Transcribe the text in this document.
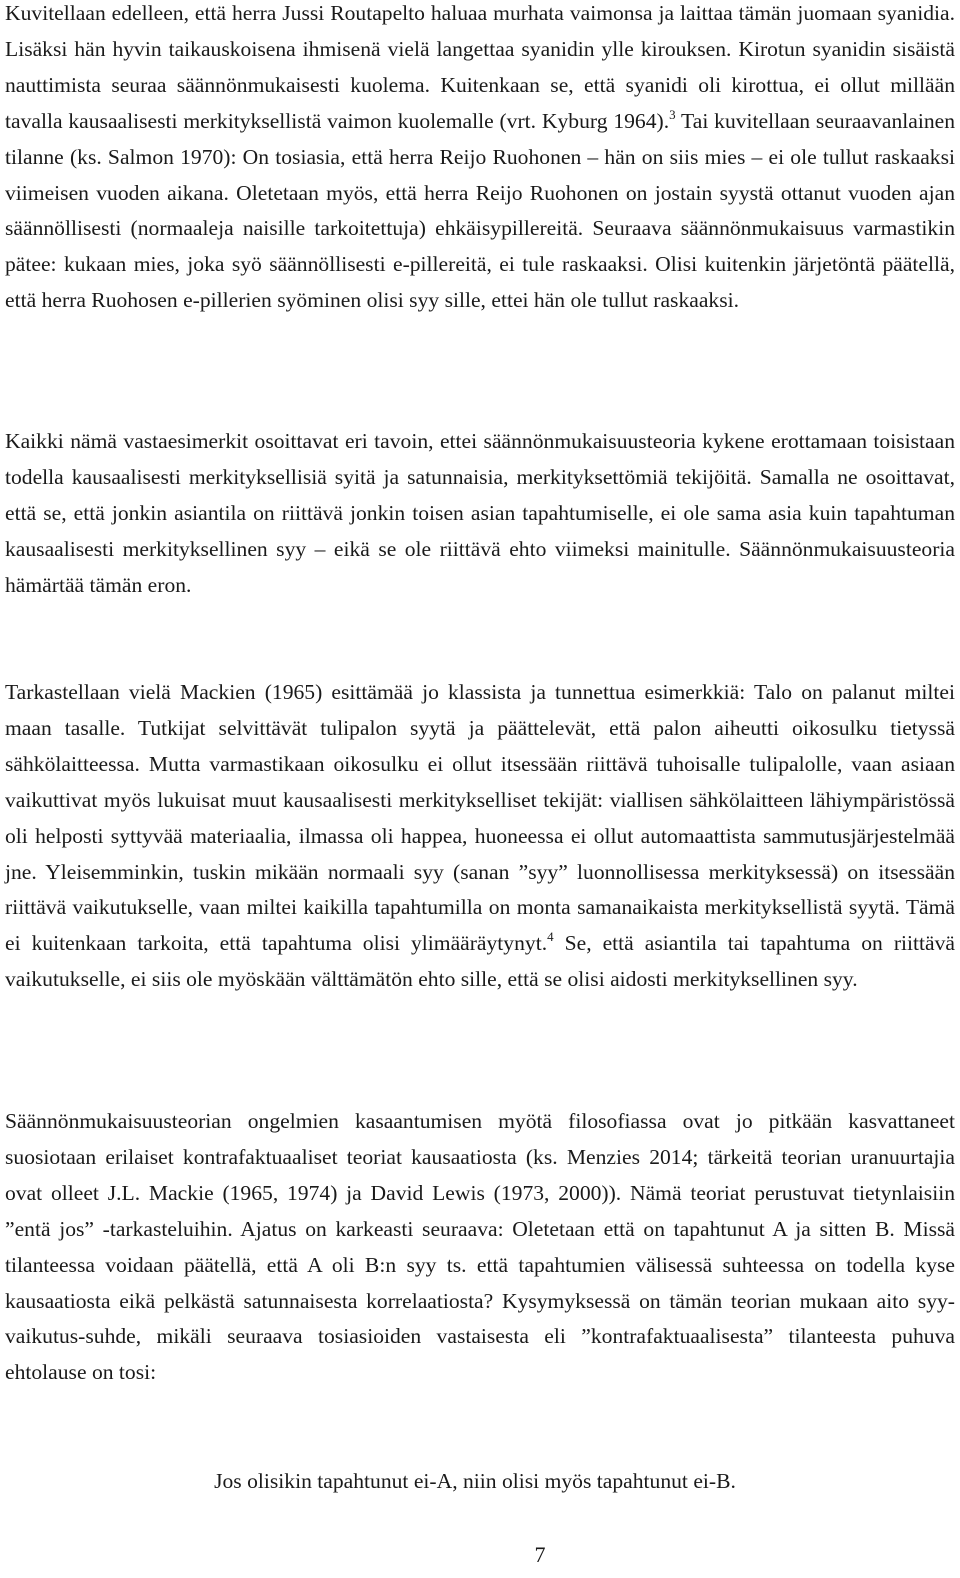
Kuvitellaan edelleen, että herra Jussi Routapelto haluaa murhata vaimonsa ja laittaa tämän juomaan syanidia. Lisäksi hän hyvin taikauskoisena ihmisenä vielä langettaa syanidin ylle kirouksen. Kirotun syanidin sisäistä nauttimista seuraa säännönmukaisesti kuolema. Kuitenkaan se, että syanidi oli kirottua, ei ollut millään tavalla kausaalisesti merkityksellistä vaimon kuolemalle (vrt. Kyburg 1964).$^3$ Tai kuvitellaan seuraavanlainen tilanne (ks. Salmon 1970): On tosiasia, että herra Reijo Ruohonen – hän on siis mies – ei ole tullut raskaaksi viimeisen vuoden aikana. Oletetaan myös, että herra Reijo Ruohonen on jostain syystä ottanut vuoden ajan säännöllisesti (normaaleja naisille tarkoitettuja) ehkäisypillereitä. Seuraava säännönmukaisuus varmastikin pätee: kukaan mies, joka syö säännöllisesti e-pillereitä, ei tule raskaaksi. Olisi kuitenkin järjetöntä päätellä, että herra Ruohosen e-pillerien syöminen olisi syy sille, ettei hän ole tullut raskaaksi.

Kaikki nämä vastaesimerkit osoittavat eri tavoin, ettei säännönmukaisuusteoria kykene erottamaan toisistaan todella kausaalisesti merkityksellisiä syitä ja satunnaisia, merkityksettömiä tekijöitä. Samalla ne osoittavat, että se, että jonkin asiantila on riittävä jonkin toisen asian tapahtumiselle, ei ole sama asia kuin tapahtuman kausaalisesti merkityksellinen syy – eikä se ole riittävä ehto viimeksi mainitulle. Säännönmukaisuusteoria hämärtää tämän eron.

Tarkastellaan vielä Mackien (1965) esittämää jo klassista ja tunnettua esimerkkiä: Talo on palanut miltei maan tasalle. Tutkijat selvittävät tulipalon syytä ja päättelevät, että palon aiheutti oikosulku tietyssä sähkölaitteessa. Mutta varmastikaan oikosulku ei ollut itsessään riittävä tuhoisalle tulipalolle, vaan asiaan vaikuttivat myös lukuisat muut kausaalisesti merkitykselliset tekijät: viallisen sähkölaitteen lähiympäristössä oli helposti syttyvää materiaalia, ilmassa oli happea, huoneessa ei ollut automaattista sammutusjärjestelmää jne. Yleisemminkin, tuskin mikään normaali syy (sanan ”syy” luonnollisessa merkityksessä) on itsessään riittävä vaikutukselle, vaan miltei kaikilla tapahtumilla on monta samanaikaista merkityksellistä syytä. Tämä ei kuitenkaan tarkoita, että tapahtuma olisi ylimääräytynyt.$^4$ Se, että asiantila tai tapahtuma on riittävä vaikutukselle, ei siis ole myöskään välttämätön ehto sille, että se olisi aidosti merkityksellinen syy.

Säännönmukaisuusteorian ongelmien kasaantumisen myötä filosofiassa ovat jo pitkään kasvattaneet suosiotaan erilaiset kontrafaktuaaliset teoriat kausaatiosta (ks. Menzies 2014; tärkeitä teorian uranuurtajia ovat olleet J.L. Mackie (1965, 1974) ja David Lewis (1973, 2000)). Nämä teoriat perustuvat tietynlaisiin ”entä jos” -tarkasteluihin. Ajatus on karkeasti seuraava: Oletetaan että on tapahtunut A ja sitten B. Missä tilanteessa voidaan päätellä, että A oli B:n syy ts. että tapahtumien välisessä suhteessa on todella kyse kausaatiosta eikä pelkästä satunnaisesta korrelaatiosta? Kysymyksessä on tämän teorian mukaan aito syy-vaikutus-suhde, mikäli seuraava tosiasioiden vastaisesta eli ”kontrafaktuaalisesta” tilanteesta puhuva ehtolause on tosi:

Jos olisikin tapahtunut ei-A, niin olisi myös tapahtunut ei-B.

7
